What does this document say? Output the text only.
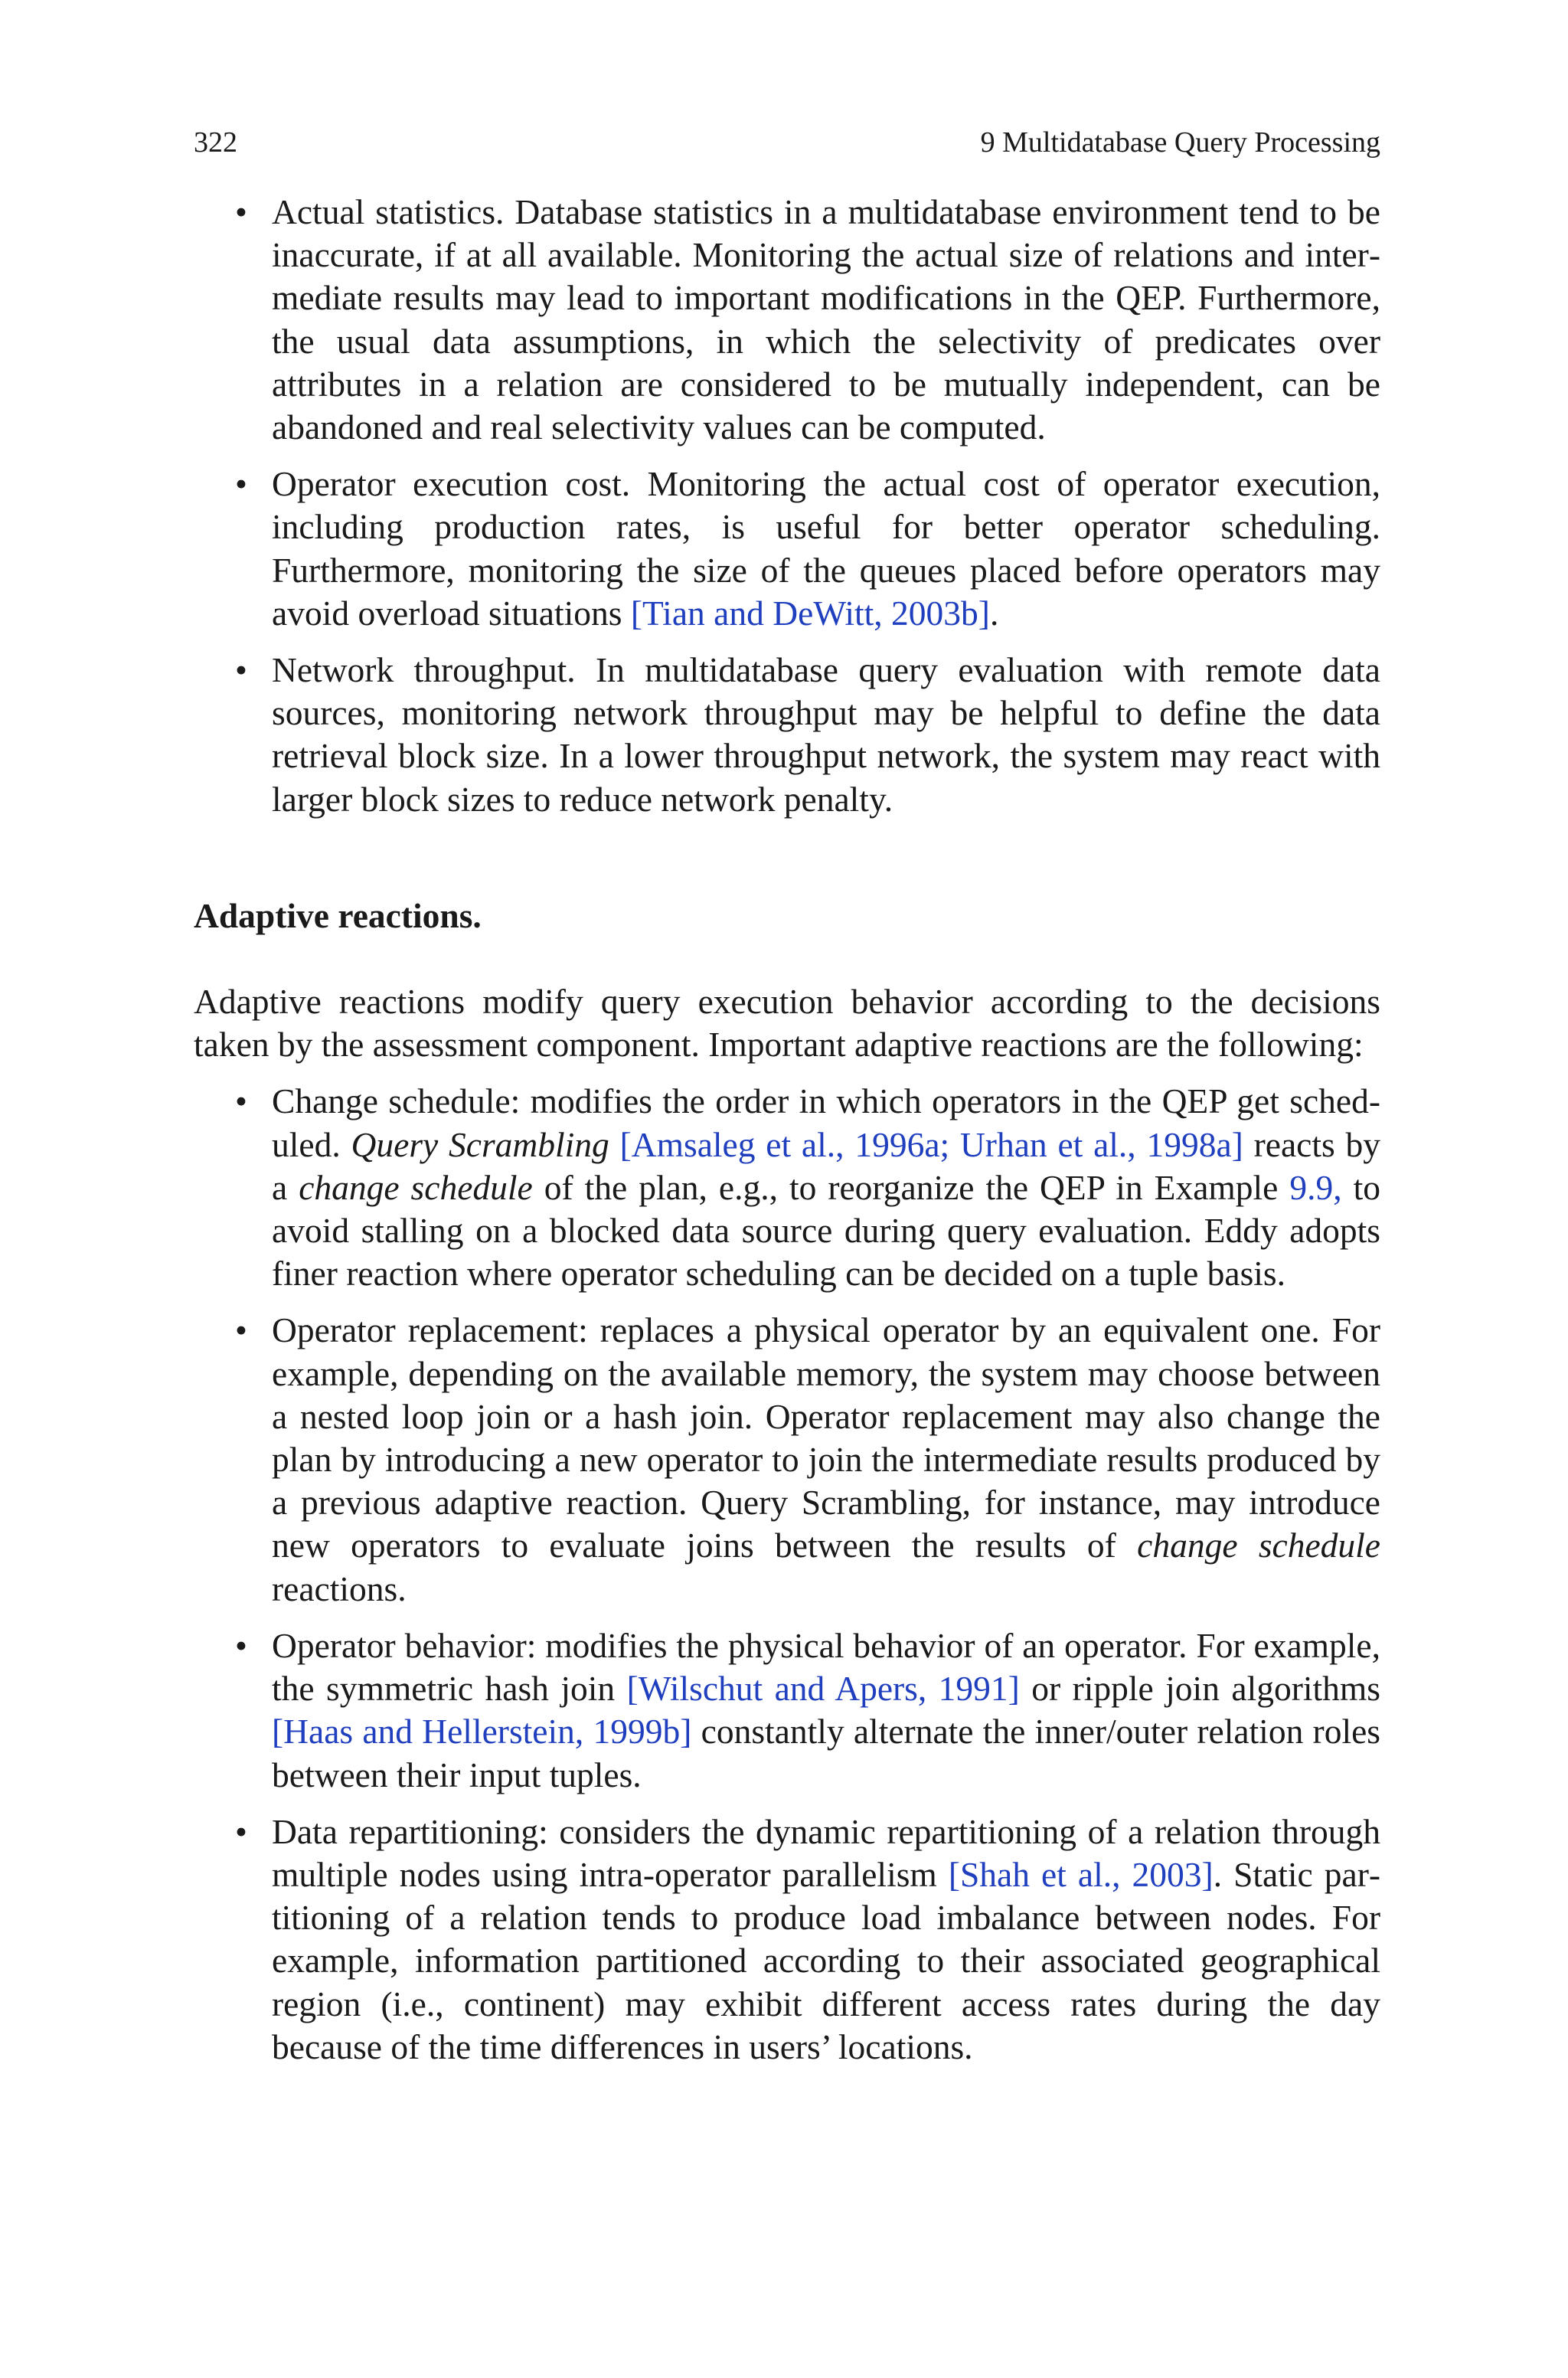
322	9 Multidatabase Query Processing
• Actual statistics. Database statistics in a multidatabase environment tend to be inaccurate, if at all available. Monitoring the actual size of relations and intermediate results may lead to important modifications in the QEP. Furthermore, the usual data assumptions, in which the selectivity of predicates over attributes in a relation are considered to be mutually independent, can be abandoned and real selectivity values can be computed.
• Operator execution cost. Monitoring the actual cost of operator execution, including production rates, is useful for better operator scheduling. Furthermore, monitoring the size of the queues placed before operators may avoid overload situations [Tian and DeWitt, 2003b].
• Network throughput. In multidatabase query evaluation with remote data sources, monitoring network throughput may be helpful to define the data retrieval block size. In a lower throughput network, the system may react with larger block sizes to reduce network penalty.
Adaptive reactions.
Adaptive reactions modify query execution behavior according to the decisions taken by the assessment component. Important adaptive reactions are the following:
• Change schedule: modifies the order in which operators in the QEP get scheduled. Query Scrambling [Amsaleg et al., 1996a; Urhan et al., 1998a] reacts by a change schedule of the plan, e.g., to reorganize the QEP in Example 9.9, to avoid stalling on a blocked data source during query evaluation. Eddy adopts finer reaction where operator scheduling can be decided on a tuple basis.
• Operator replacement: replaces a physical operator by an equivalent one. For example, depending on the available memory, the system may choose between a nested loop join or a hash join. Operator replacement may also change the plan by introducing a new operator to join the intermediate results produced by a previous adaptive reaction. Query Scrambling, for instance, may introduce new operators to evaluate joins between the results of change schedule reactions.
• Operator behavior: modifies the physical behavior of an operator. For example, the symmetric hash join [Wilschut and Apers, 1991] or ripple join algorithms [Haas and Hellerstein, 1999b] constantly alternate the inner/outer relation roles between their input tuples.
• Data repartitioning: considers the dynamic repartitioning of a relation through multiple nodes using intra-operator parallelism [Shah et al., 2003]. Static partitioning of a relation tends to produce load imbalance between nodes. For example, information partitioned according to their associated geographical region (i.e., continent) may exhibit different access rates during the day because of the time differences in users’ locations.
